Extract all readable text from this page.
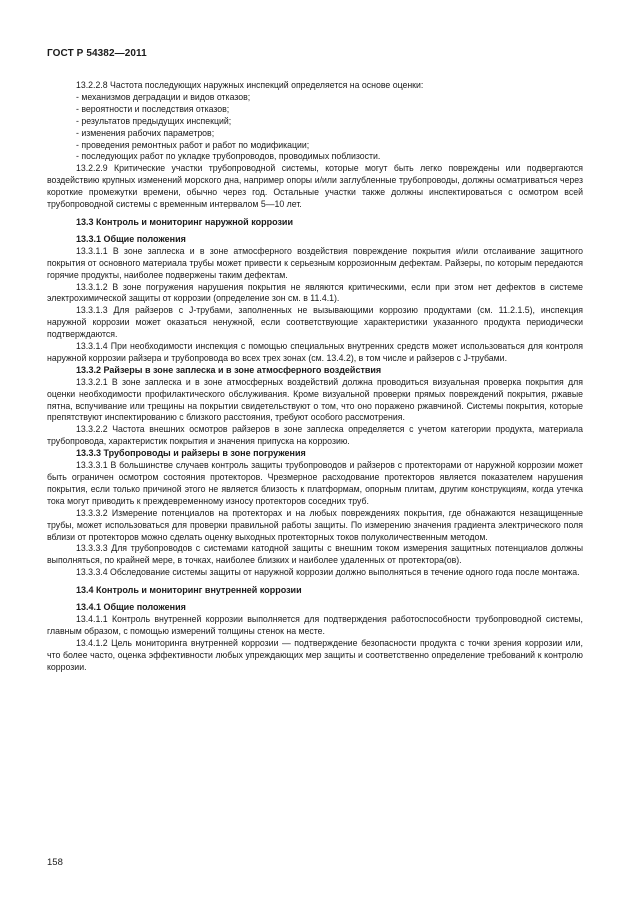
ГОСТ Р 54382—2011
13.2.2.8 Частота последующих наружных инспекций определяется на основе оценки:
- механизмов деградации и видов отказов;
- вероятности и последствия отказов;
- результатов предыдущих инспекций;
- изменения рабочих параметров;
- проведения ремонтных работ и работ по модификации;
- последующих работ по укладке трубопроводов, проводимых поблизости.
13.2.2.9 Критические участки трубопроводной системы, которые могут быть легко повреждены или подвергаются воздействию крупных изменений морского дна, например опоры и/или заглубленные трубопроводы, должны осматриваться через короткие промежутки времени, обычно через год. Остальные участки также должны инспектироваться с осмотром всей трубопроводной системы с временным интервалом 5—10 лет.
13.3 Контроль и мониторинг наружной коррозии
13.3.1 Общие положения
13.3.1.1 В зоне заплеска и в зоне атмосферного воздействия повреждение покрытия и/или отслаивание защитного покрытия от основного материала трубы может привести к серьезным коррозионным дефектам. Райзеры, по которым передаются горячие продукты, наиболее подвержены таким дефектам.
13.3.1.2 В зоне погружения нарушения покрытия не являются критическими, если при этом нет дефектов в системе электрохимической защиты от коррозии (определение зон см. в 11.4.1).
13.3.1.3 Для райзеров с J-трубами, заполненных не вызывающими коррозию продуктами (см. 11.2.1.5), инспекция наружной коррозии может оказаться ненужной, если соответствующие характеристики указанного продукта периодически подтверждаются.
13.3.1.4 При необходимости инспекция с помощью специальных внутренних средств может использоваться для контроля наружной коррозии райзера и трубопровода во всех трех зонах (см. 13.4.2), в том числе и райзеров с J-трубами.
13.3.2 Райзеры в зоне заплеска и в зоне атмосферного воздействия
13.3.2.1 В зоне заплеска и в зоне атмосферных воздействий должна проводиться визуальная проверка покрытия для оценки необходимости профилактического обслуживания. Кроме визуальной проверки прямых повреждений покрытия, ржавые пятна, вспучивание или трещины на покрытии свидетельствуют о том, что оно поражено ржавчиной. Системы покрытия, которые препятствуют инспектированию с близкого расстояния, требуют особого рассмотрения.
13.3.2.2 Частота внешних осмотров райзеров в зоне заплеска определяется с учетом категории продукта, материала трубопровода, характеристик покрытия и значения припуска на коррозию.
13.3.3 Трубопроводы и райзеры в зоне погружения
13.3.3.1 В большинстве случаев контроль защиты трубопроводов и райзеров с протекторами от наружной коррозии может быть ограничен осмотром состояния протекторов. Чрезмерное расходование протекторов является показателем нарушения покрытия, если только причиной этого не является близость к платформам, опорным плитам, другим конструкциям, когда утечка тока могут приводить к преждевременному износу протекторов соседних труб.
13.3.3.2 Измерение потенциалов на протекторах и на любых повреждениях покрытия, где обнажаются незащищенные трубы, может использоваться для проверки правильной работы защиты. По измерению значения градиента электрического поля вблизи от протекторов можно сделать оценку выходных протекторных токов полуколичественным методом.
13.3.3.3 Для трубопроводов с системами катодной защиты с внешним током измерения защитных потенциалов должны выполняться, по крайней мере, в точках, наиболее близких и наиболее удаленных от протектора(ов).
13.3.3.4 Обследование системы защиты от наружной коррозии должно выполняться в течение одного года после монтажа.
13.4 Контроль и мониторинг внутренней коррозии
13.4.1 Общие положения
13.4.1.1 Контроль внутренней коррозии выполняется для подтверждения работоспособности трубопроводной системы, главным образом, с помощью измерений толщины стенок на месте.
13.4.1.2 Цель мониторинга внутренней коррозии — подтверждение безопасности продукта с точки зрения коррозии или, что более часто, оценка эффективности любых упреждающих мер защиты и соответственно определение требований к контролю коррозии.
158
